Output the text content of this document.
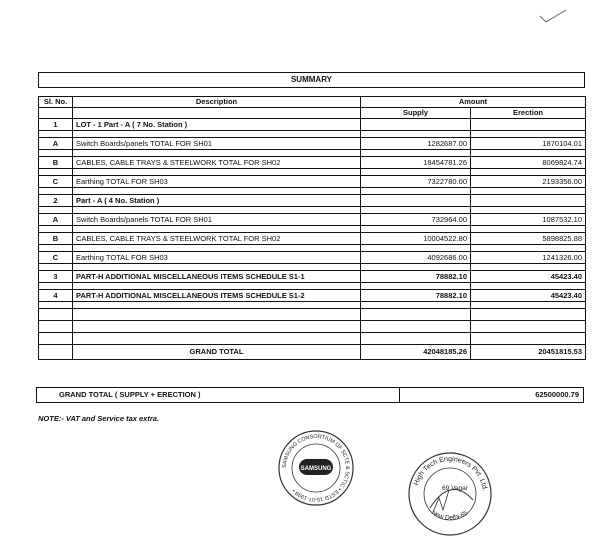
SUMMARY
Sl. No.	Description	Amount	
		Supply	Erection
1	LOT - 1 Part - A ( 7 No. Station )		

A	Switch Boards/panels TOTAL FOR SH01	1282687.00	1870104.01

B	CABLES, CABLE TRAYS & STEELWORK TOTAL FOR SH02	18454781.26	8069824.74

C	Earthing TOTAL FOR SH03	7322780.00	2193356.00

2	Part - A ( 4 No. Station )		

A	Switch Boards/panels TOTAL FOR SH01	732964.00	1087532.10

B	CABLES, CABLE TRAYS & STEELWORK TOTAL FOR SH02	10004522.80	5898825.88

C	Earthing TOTAL FOR SH03	4092686.00	1241326.00

3	PART-H ADDITIONAL MISCELLANEOUS ITEMS SCHEDULE S1-1	78882.10	45423.40

4	PART-H ADDITIONAL MISCELLANEOUS ITEMS SCHEDULE S1-2	78882.10	45423.40

	GRAND TOTAL	42048185.26	20451815.53
GRAND TOTAL ( SUPPLY + ERECTION )	62500000.79
NOTE:- VAT and Service tax extra.
SAMSUNG CONSORTIUM OF SCTE & SCTIC • ESTD 15-07-1999 •
SAMSUNG
High Tech Engineers Pvt. Ltd.
New Delhi-65
69 Vagar
